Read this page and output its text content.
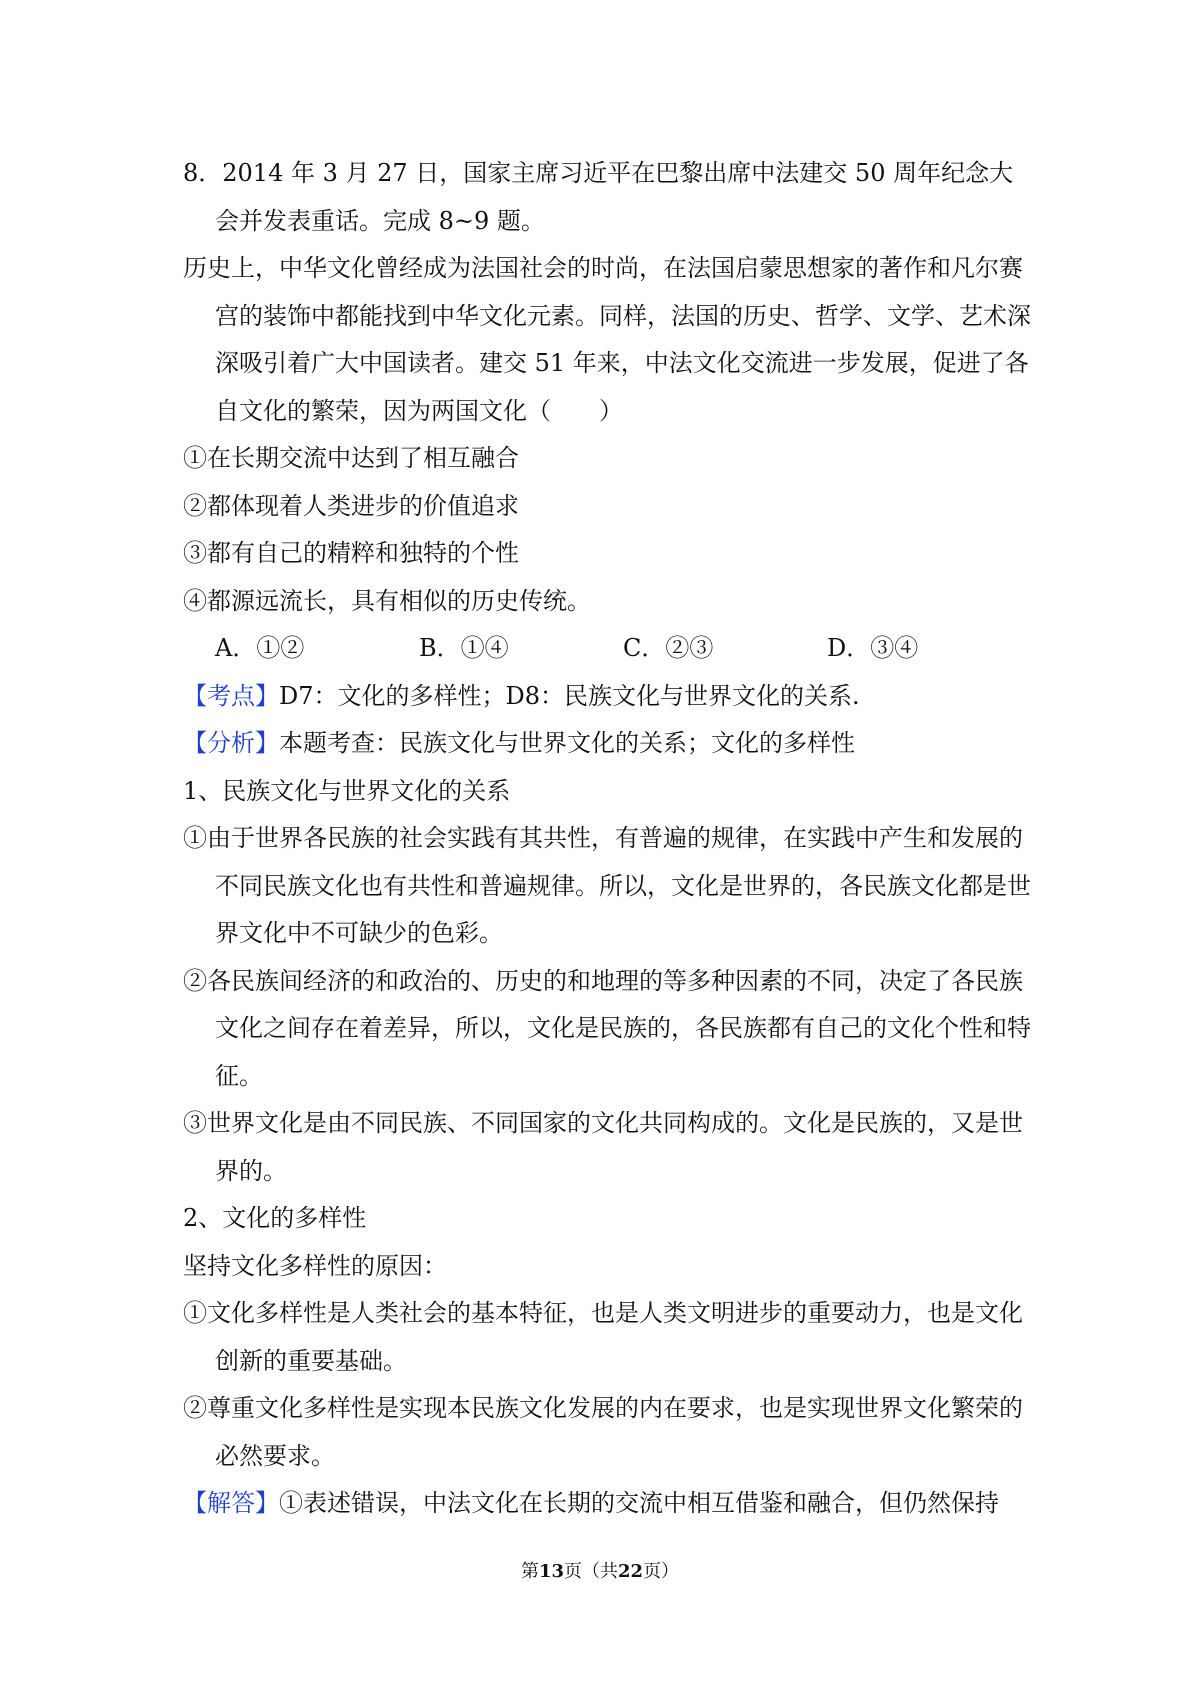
8．2014 年 3 月 27 日，国家主席习近平在巴黎出席中法建交 50 周年纪念大会并发表重话。完成 8~9 题。

历史上，中华文化曾经成为法国社会的时尚，在法国启蒙思想家的著作和凡尔赛宫的装饰中都能找到中华文化元素。同样，法国的历史、哲学、文学、艺术深深吸引着广大中国读者。建交 51 年来，中法文化交流进一步发展，促进了各自文化的繁荣，因为两国文化（　　）

①在长期交流中达到了相互融合

②都体现着人类进步的价值追求

③都有自己的精粹和独特的个性

④都源远流长，具有相似的历史传统。

A．①②	B．①④	C．②③	D．③④

【考点】D7：文化的多样性；D8：民族文化与世界文化的关系.

【分析】本题考查：民族文化与世界文化的关系；文化的多样性

1、民族文化与世界文化的关系

①由于世界各民族的社会实践有其共性，有普遍的规律，在实践中产生和发展的不同民族文化也有共性和普遍规律。所以，文化是世界的，各民族文化都是世界文化中不可缺少的色彩。

②各民族间经济的和政治的、历史的和地理的等多种因素的不同，决定了各民族文化之间存在着差异，所以，文化是民族的，各民族都有自己的文化个性和特征。

③世界文化是由不同民族、不同国家的文化共同构成的。文化是民族的，又是世界的。

2、文化的多样性

坚持文化多样性的原因：

①文化多样性是人类社会的基本特征，也是人类文明进步的重要动力，也是文化创新的重要基础。

②尊重文化多样性是实现本民族文化发展的内在要求，也是实现世界文化繁荣的必然要求。

【解答】①表述错误，中法文化在长期的交流中相互借鉴和融合，但仍然保持

第13页（共22页）
